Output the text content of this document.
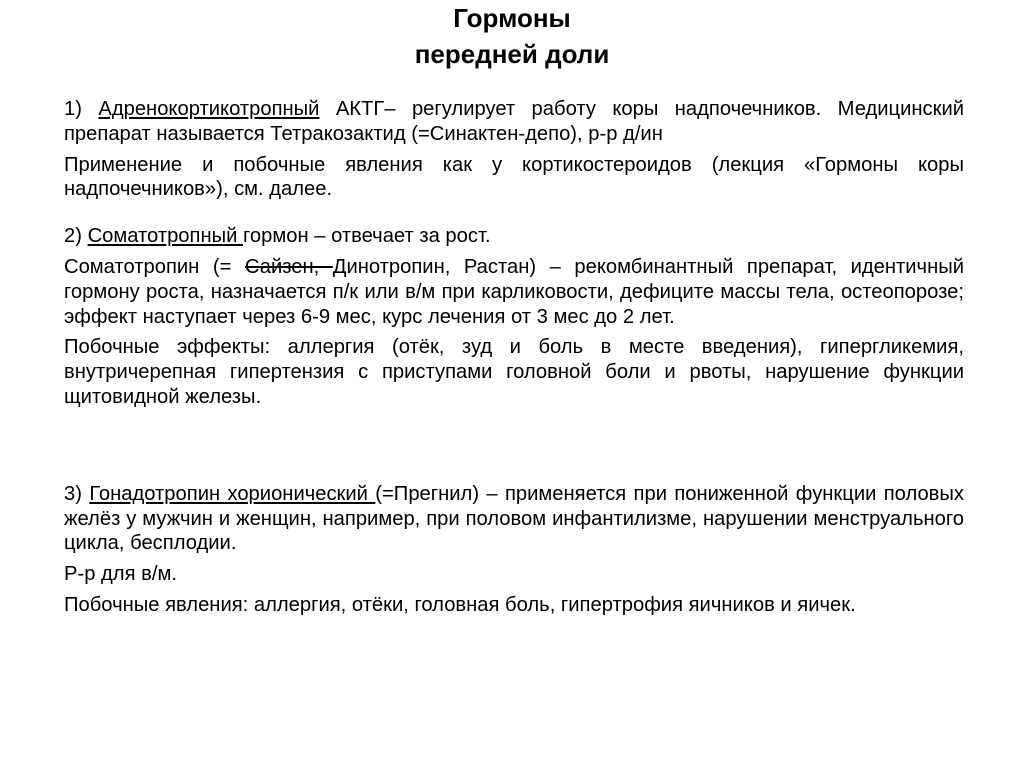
Гормоны
передней доли

1) Адренокортикотропный АКТГ– регулирует работу коры надпочечников. Медицинский препарат называется Тетракозактид (=Синактен-депо), р-р д/ин

Применение и побочные явления как у кортикостероидов (лекция «Гормоны коры надпочечников»), см. далее.

2) Соматотропный гормон – отвечает за рост.

Соматотропин (= Сайзен, Динотропин, Растан) – рекомбинантный препарат, идентичный гормону роста, назначается п/к или в/м при карликовости, дефиците массы тела, остеопорозе; эффект наступает через 6-9 мес, курс лечения от 3 мес до 2 лет.

Побочные эффекты: аллергия (отёк, зуд и боль в месте введения), гипергликемия, внутричерепная гипертензия с приступами головной боли и рвоты, нарушение функции щитовидной железы.

3) Гонадотропин хорионический (=Прегнил) – применяется при пониженной функции половых желёз у мужчин и женщин, например, при половом инфантилизме, нарушении менструального цикла, бесплодии.

Р-р для в/м.

Побочные явления: аллергия, отёки, головная боль, гипертрофия яичников и яичек.
